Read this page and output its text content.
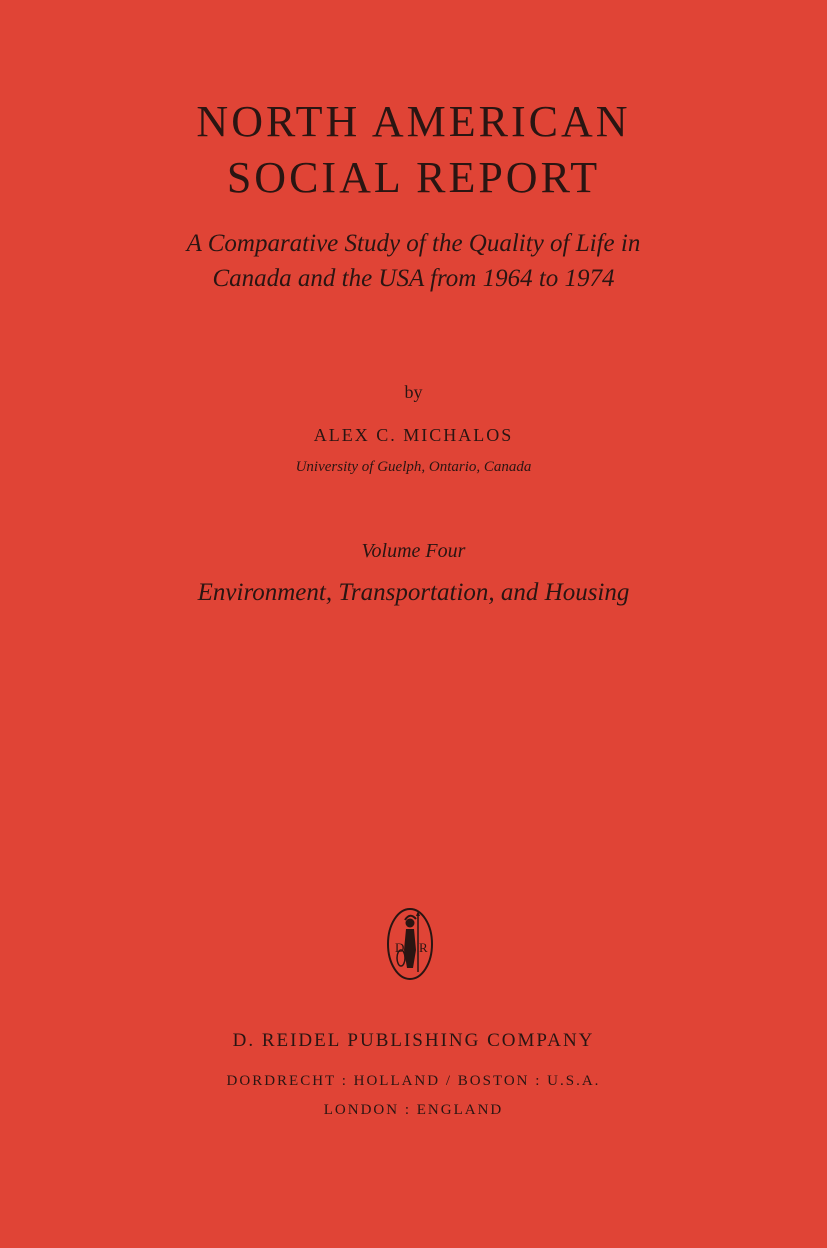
NORTH AMERICAN
SOCIAL REPORT
A Comparative Study of the Quality of Life in
Canada and the USA from 1964 to 1974
by
ALEX C. MICHALOS
University of Guelph, Ontario, Canada
Volume Four
Environment, Transportation, and Housing
D R
D. REIDEL PUBLISHING COMPANY
DORDRECHT : HOLLAND / BOSTON : U.S.A.
LONDON : ENGLAND
